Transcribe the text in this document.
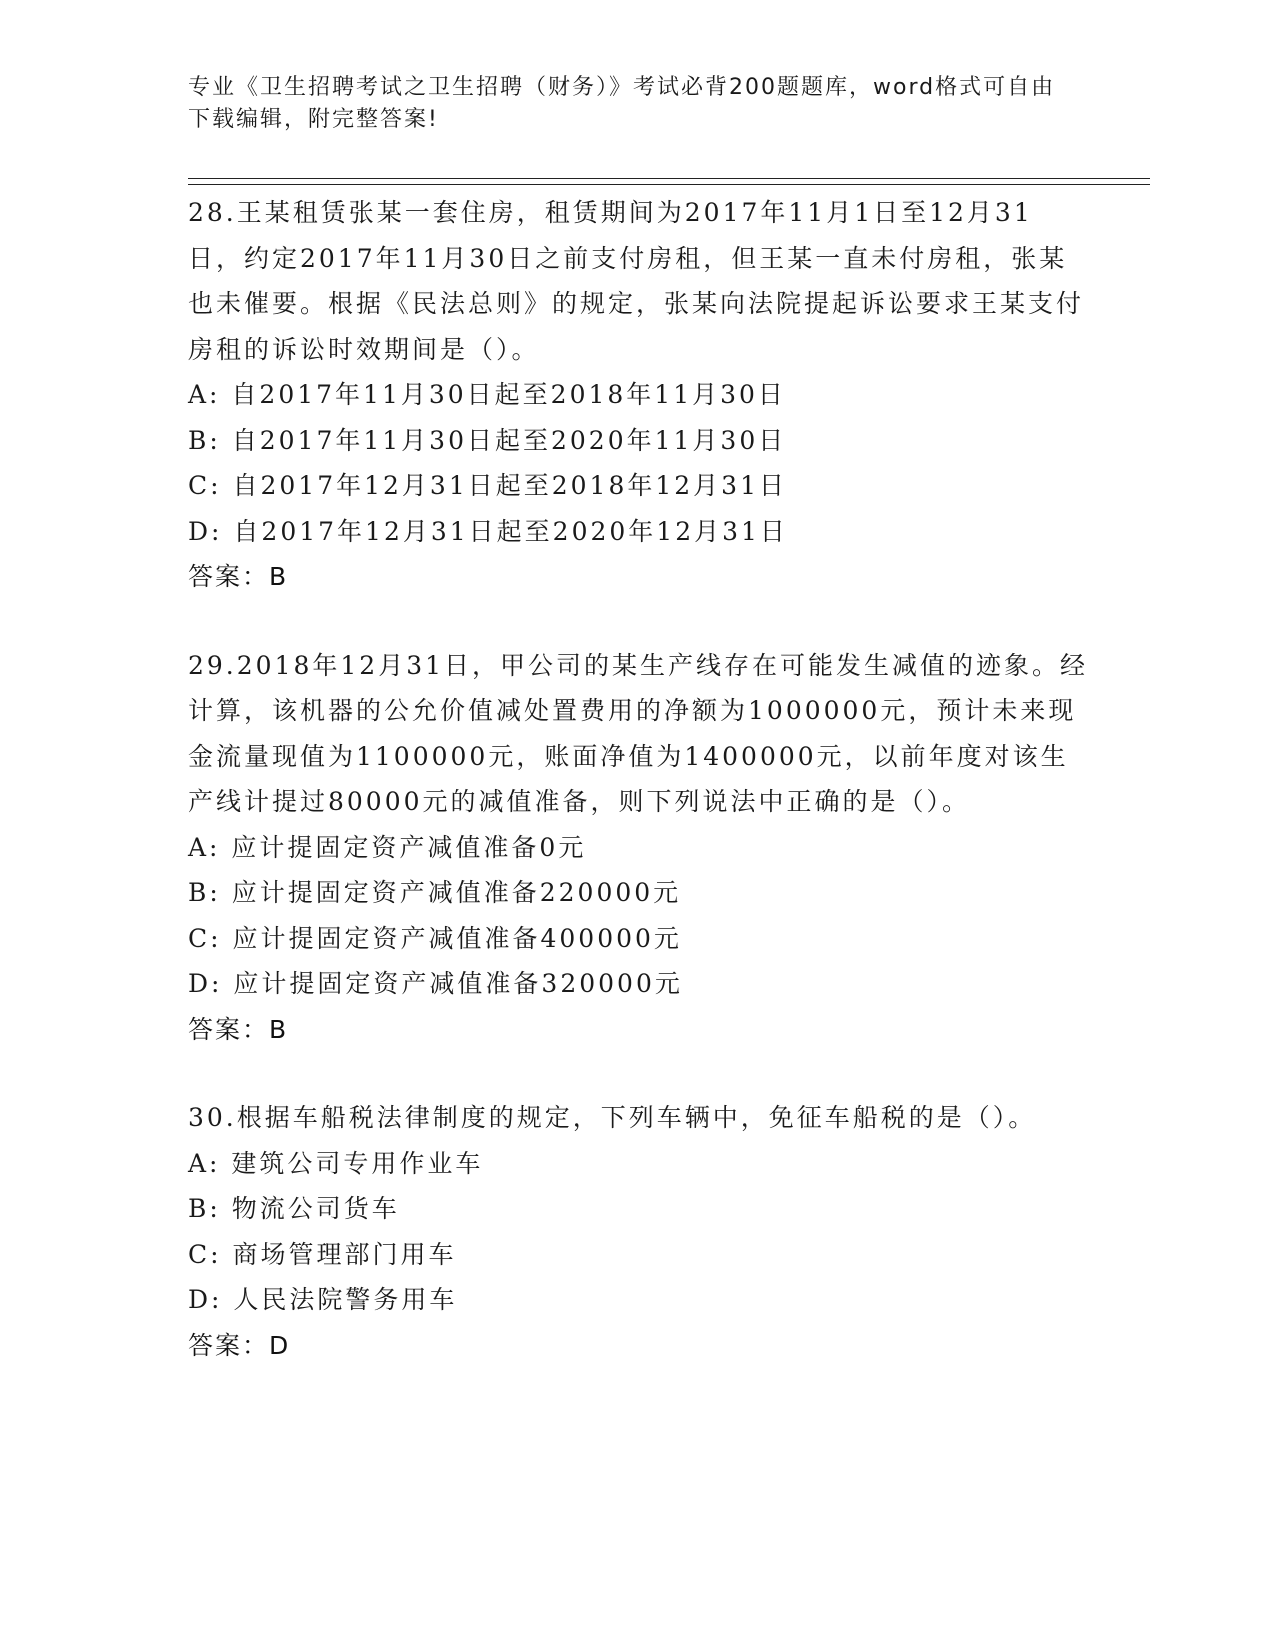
专业《卫生招聘考试之卫生招聘（财务）》考试必背200题题库，word格式可自由下载编辑，附完整答案!

28.王某租赁张某一套住房，租赁期间为2017年11月1日至12月31日，约定2017年11月30日之前支付房租，但王某一直未付房租，张某也未催要。根据《民法总则》的规定，张某向法院提起诉讼要求王某支付房租的诉讼时效期间是（）。

A: 自2017年11月30日起至2018年11月30日

B: 自2017年11月30日起至2020年11月30日

C: 自2017年12月31日起至2018年12月31日

D: 自2017年12月31日起至2020年12月31日

答案：B

29.2018年12月31日，甲公司的某生产线存在可能发生减值的迹象。经计算，该机器的公允价值减处置费用的净额为1000000元，预计未来现金流量现值为1100000元，账面净值为1400000元，以前年度对该生产线计提过80000元的减值准备，则下列说法中正确的是（）。

A: 应计提固定资产减值准备0元

B: 应计提固定资产减值准备220000元

C: 应计提固定资产减值准备400000元

D: 应计提固定资产减值准备320000元

答案：B

30.根据车船税法律制度的规定，下列车辆中，免征车船税的是（）。

A: 建筑公司专用作业车

B: 物流公司货车

C: 商场管理部门用车

D: 人民法院警务用车

答案：D
